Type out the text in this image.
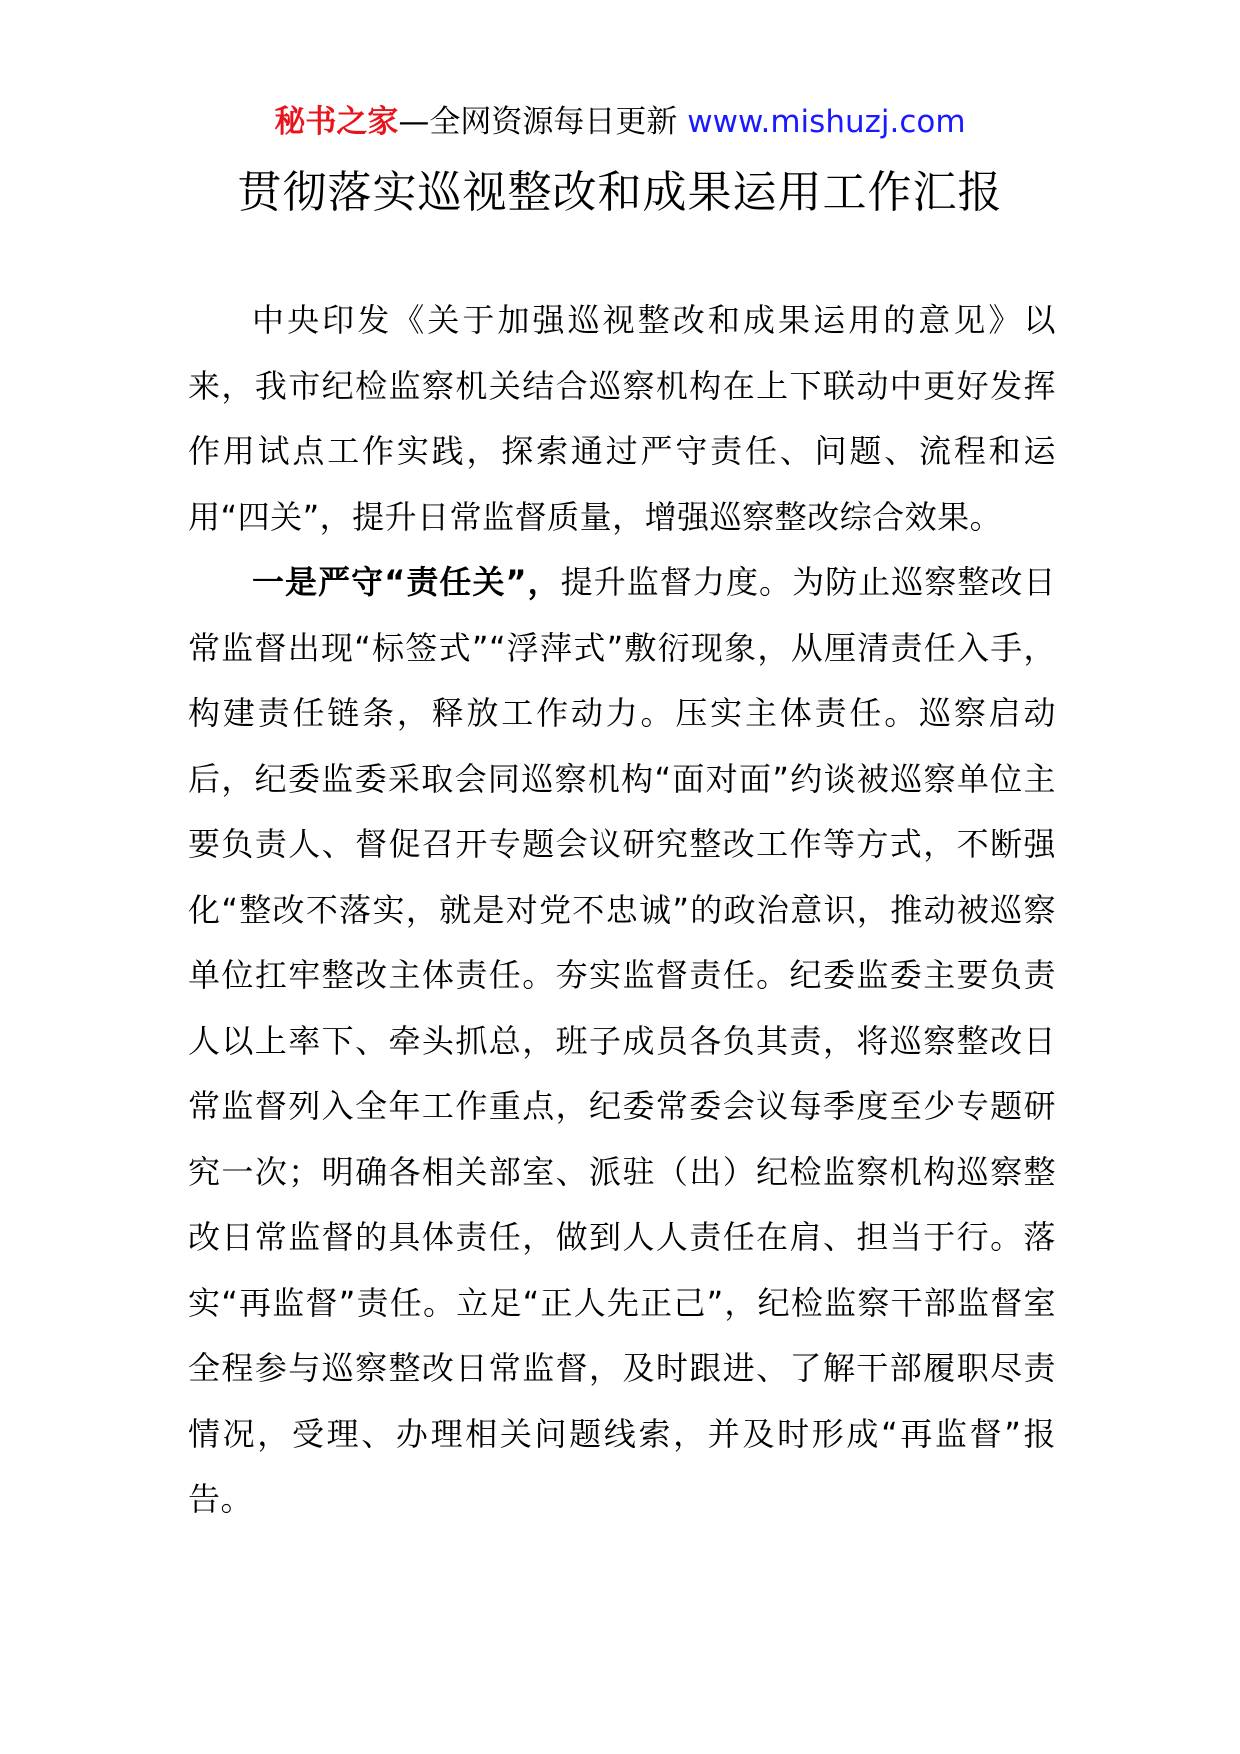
秘书之家—全网资源每日更新 www.mishuzj.com
贯彻落实巡视整改和成果运用工作汇报

中央印发《关于加强巡视整改和成果运用的意见》以来，我市纪检监察机关结合巡察机构在上下联动中更好发挥作用试点工作实践，探索通过严守责任、问题、流程和运用“四关”，提升日常监督质量，增强巡察整改综合效果。

一是严守“责任关”，提升监督力度。为防止巡察整改日常监督出现“标签式”“浮萍式”敷衍现象，从厘清责任入手，构建责任链条，释放工作动力。压实主体责任。巡察启动后，纪委监委采取会同巡察机构“面对面”约谈被巡察单位主要负责人、督促召开专题会议研究整改工作等方式，不断强化“整改不落实，就是对党不忠诚”的政治意识，推动被巡察单位扛牢整改主体责任。夯实监督责任。纪委监委主要负责人以上率下、牵头抓总，班子成员各负其责，将巡察整改日常监督列入全年工作重点，纪委常委会议每季度至少专题研究一次；明确各相关部室、派驻（出）纪检监察机构巡察整改日常监督的具体责任，做到人人责任在肩、担当于行。落实“再监督”责任。立足“正人先正己”，纪检监察干部监督室全程参与巡察整改日常监督，及时跟进、了解干部履职尽责情况，受理、办理相关问题线索，并及时形成“再监督”报告。
